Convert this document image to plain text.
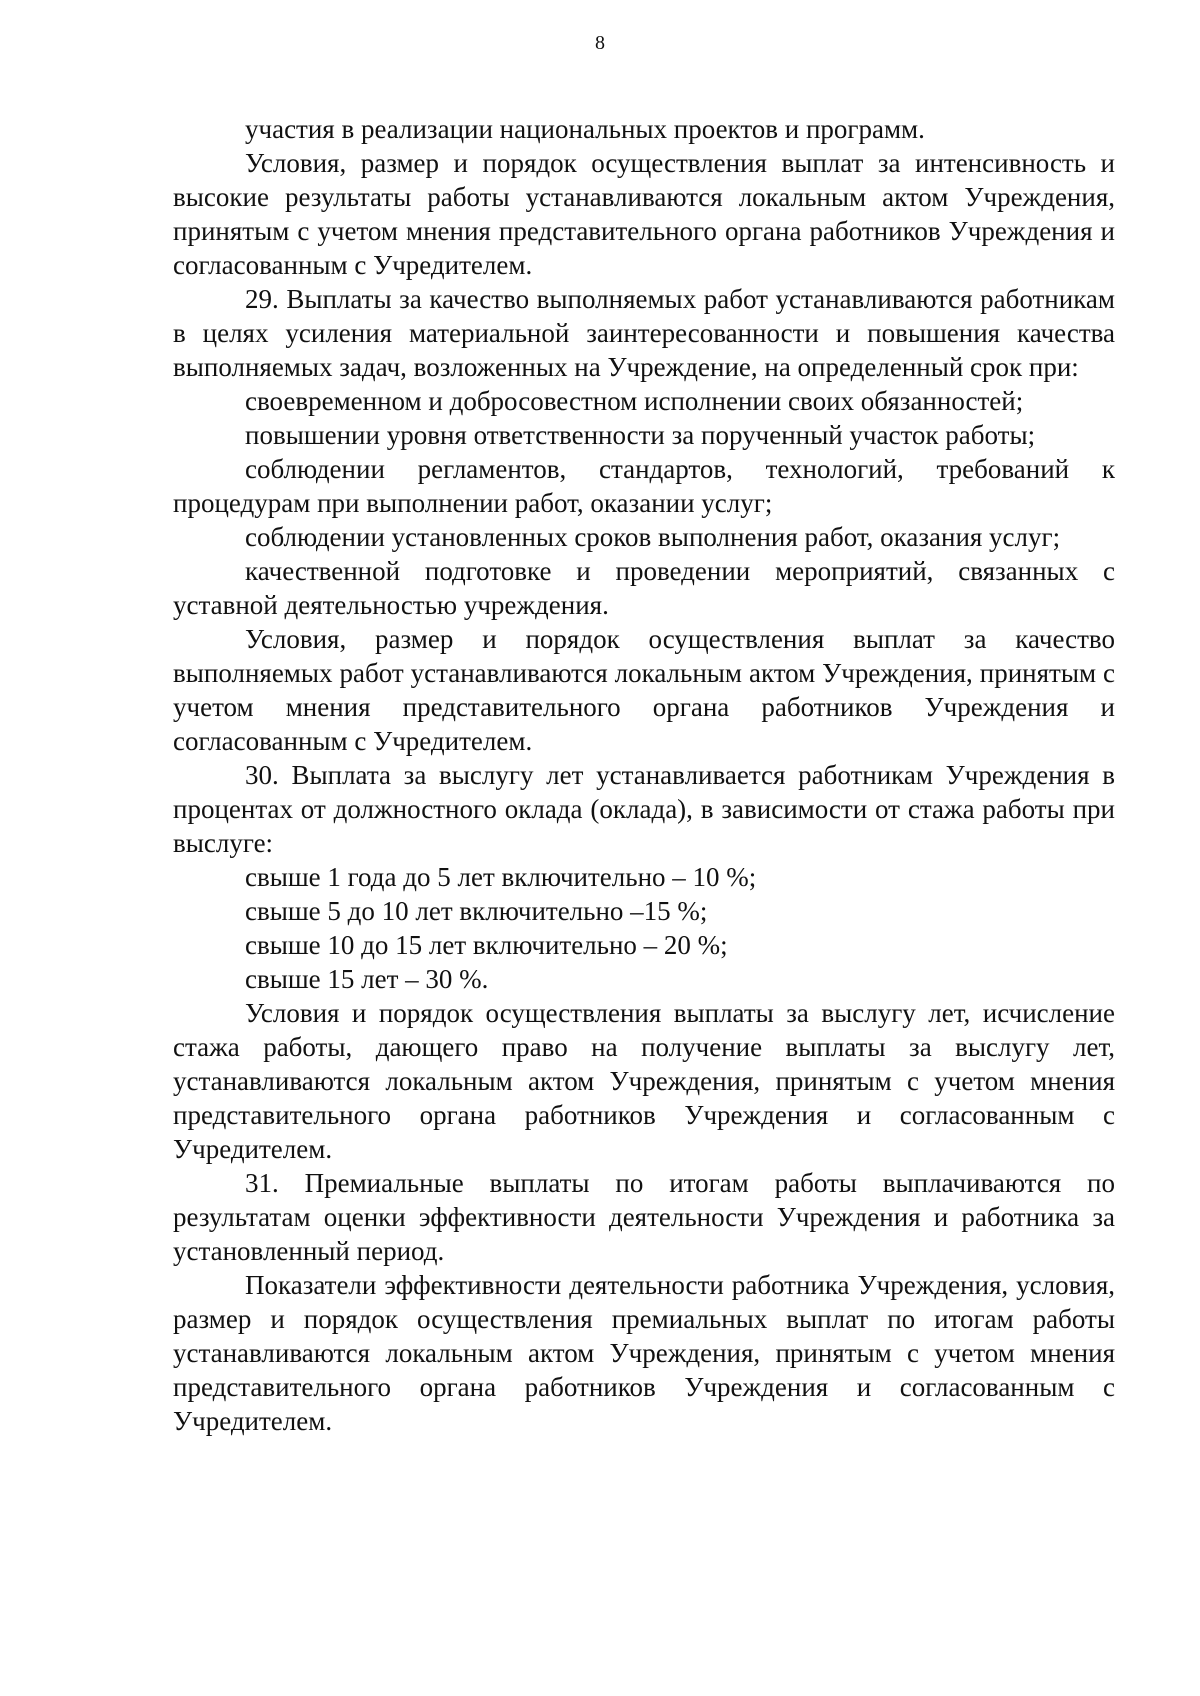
8

участия в реализации национальных проектов и программ.

Условия, размер и порядок осуществления выплат за интенсивность и высокие результаты работы устанавливаются локальным актом Учреждения, принятым с учетом мнения представительного органа работников Учреждения и согласованным с Учредителем.

29. Выплаты за качество выполняемых работ устанавливаются работникам в целях усиления материальной заинтересованности и повышения качества выполняемых задач, возложенных на Учреждение, на определенный срок при:

своевременном и добросовестном исполнении своих обязанностей;

повышении уровня ответственности за порученный участок работы;

соблюдении регламентов, стандартов, технологий, требований к процедурам при выполнении работ, оказании услуг;

соблюдении установленных сроков выполнения работ, оказания услуг;

качественной подготовке и проведении мероприятий, связанных с уставной деятельностью учреждения.

Условия, размер и порядок осуществления выплат за качество выполняемых работ устанавливаются локальным актом Учреждения, принятым с учетом мнения представительного органа работников Учреждения и согласованным с Учредителем.

30. Выплата за выслугу лет устанавливается работникам Учреждения в процентах от должностного оклада (оклада), в зависимости от стажа работы при выслуге:

свыше 1 года до 5 лет включительно – 10 %;

свыше 5 до 10 лет включительно –15 %;

свыше 10 до 15 лет включительно – 20 %;

свыше 15 лет – 30 %.

Условия и порядок осуществления выплаты за выслугу лет, исчисление стажа работы, дающего право на получение выплаты за выслугу лет, устанавливаются локальным актом Учреждения, принятым с учетом мнения представительного органа работников Учреждения и согласованным с Учредителем.

31. Премиальные выплаты по итогам работы выплачиваются по результатам оценки эффективности деятельности Учреждения и работника за установленный период.

Показатели эффективности деятельности работника Учреждения, условия, размер и порядок осуществления премиальных выплат по итогам работы устанавливаются локальным актом Учреждения, принятым с учетом мнения представительного органа работников Учреждения и согласованным с Учредителем.
